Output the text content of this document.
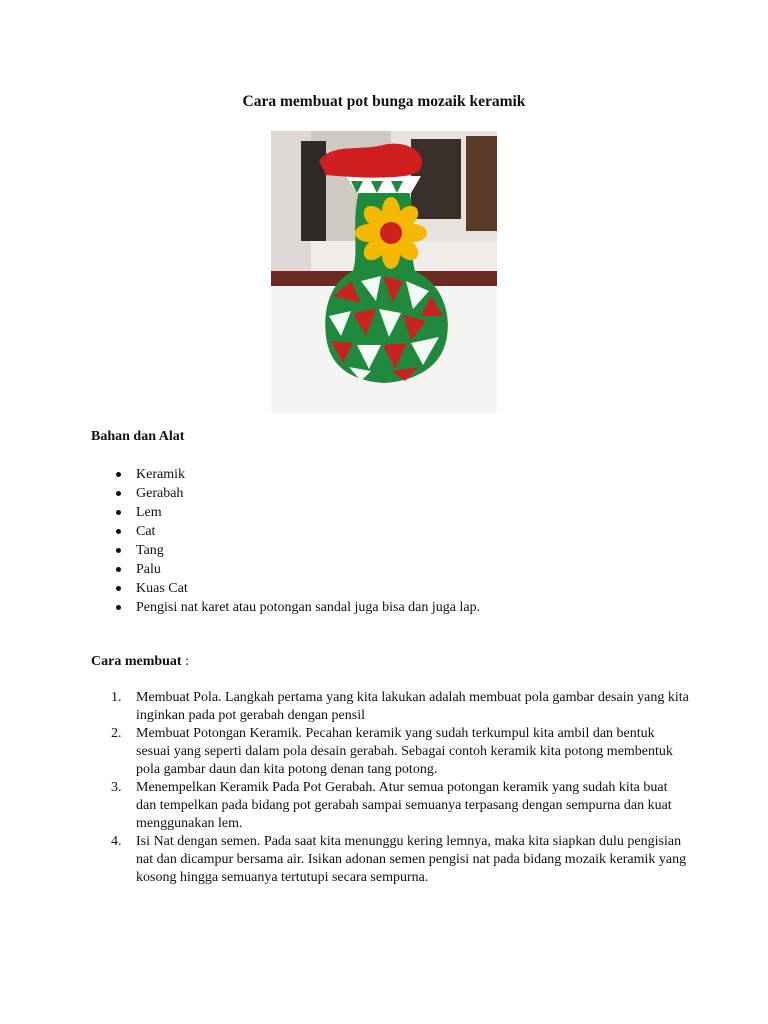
Cara membuat pot bunga mozaik keramik
Bahan dan Alat
Keramik
Gerabah
Lem
Cat
Tang
Palu
Kuas Cat
Pengisi nat karet atau potongan sandal juga bisa dan juga lap.
Cara membuat :
1. Membuat Pola. Langkah pertama yang kita lakukan adalah membuat pola gambar desain yang kita inginkan pada pot gerabah dengan pensil
2. Membuat Potongan Keramik. Pecahan keramik yang sudah terkumpul kita ambil dan bentuk sesuai yang seperti dalam pola desain gerabah. Sebagai contoh keramik kita potong membentuk pola gambar daun dan kita potong denan tang potong.
3. Menempelkan Keramik Pada Pot Gerabah. Atur semua potongan keramik yang sudah kita buat dan tempelkan pada bidang pot gerabah sampai semuanya terpasang dengan sempurna dan kuat menggunakan lem.
4. Isi Nat dengan semen. Pada saat kita menunggu kering lemnya, maka kita siapkan dulu pengisian nat dan dicampur bersama air. Isikan adonan semen pengisi nat pada bidang mozaik keramik yang kosong hingga semuanya tertutupi secara sempurna.
